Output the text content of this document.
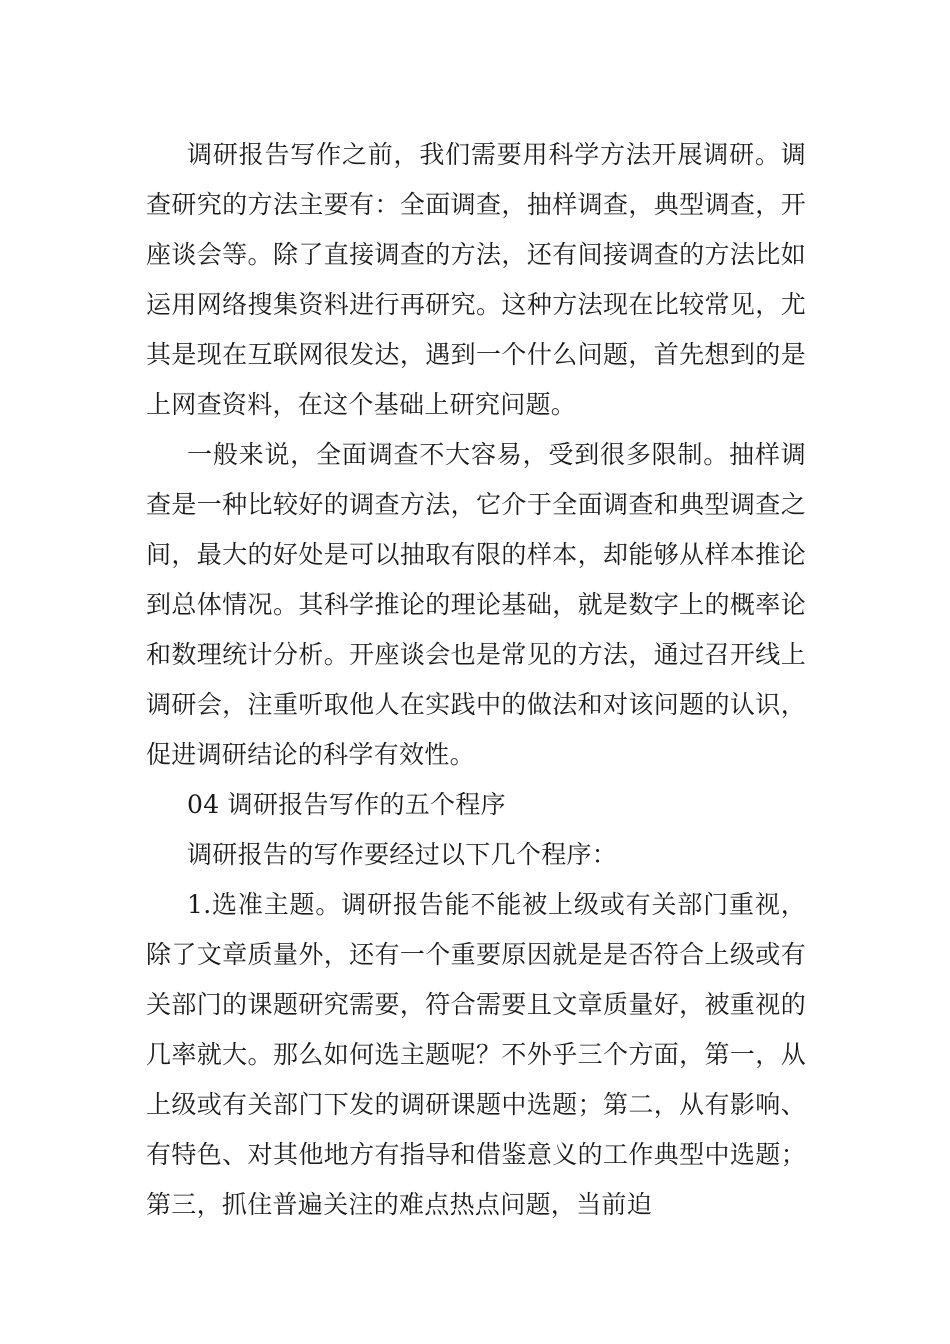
调研报告写作之前，我们需要用科学方法开展调研。调查研究的方法主要有：全面调查，抽样调查，典型调查，开座谈会等。除了直接调查的方法，还有间接调查的方法比如运用网络搜集资料进行再研究。这种方法现在比较常见，尤其是现在互联网很发达，遇到一个什么问题，首先想到的是上网查资料，在这个基础上研究问题。

一般来说，全面调查不大容易，受到很多限制。抽样调查是一种比较好的调查方法，它介于全面调查和典型调查之间，最大的好处是可以抽取有限的样本，却能够从样本推论到总体情况。其科学推论的理论基础，就是数字上的概率论和数理统计分析。开座谈会也是常见的方法，通过召开线上调研会，注重听取他人在实践中的做法和对该问题的认识，促进调研结论的科学有效性。

04 调研报告写作的五个程序

调研报告的写作要经过以下几个程序：

1.选准主题。调研报告能不能被上级或有关部门重视，除了文章质量外，还有一个重要原因就是是否符合上级或有关部门的课题研究需要，符合需要且文章质量好，被重视的几率就大。那么如何选主题呢？不外乎三个方面，第一，从上级或有关部门下发的调研课题中选题；第二，从有影响、有特色、对其他地方有指导和借鉴意义的工作典型中选题；第三，抓住普遍关注的难点热点问题，当前迫
